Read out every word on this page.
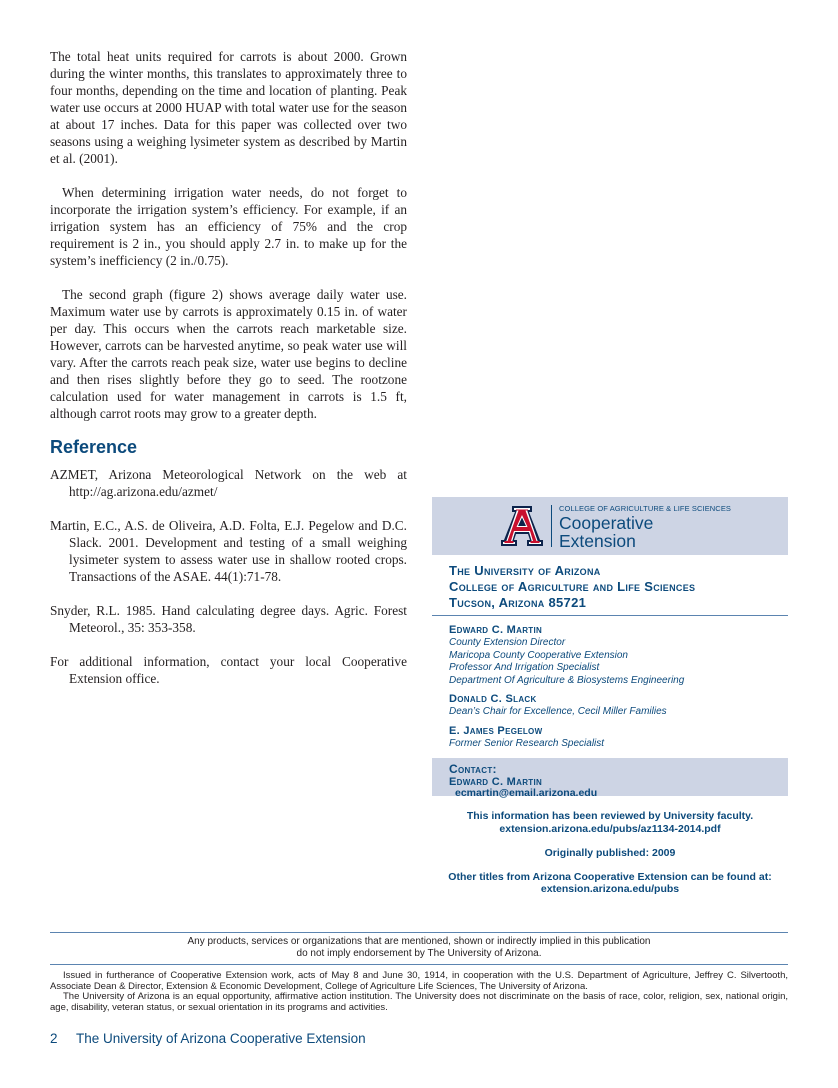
The total heat units required for carrots is about 2000. Grown during the winter months, this translates to approximately three to four months, depending on the time and location of planting. Peak water use occurs at 2000 HUAP with total water use for the season at about 17 inches. Data for this paper was collected over two seasons using a weighing lysimeter system as described by Martin et al. (2001).

When determining irrigation water needs, do not forget to incorporate the irrigation system’s efficiency. For example, if an irrigation system has an efficiency of 75% and the crop requirement is 2 in., you should apply 2.7 in. to make up for the system’s inefficiency (2 in./0.75).

The second graph (figure 2) shows average daily water use. Maximum water use by carrots is approximately 0.15 in. of water per day. This occurs when the carrots reach marketable size. However, carrots can be harvested anytime, so peak water use will vary. After the carrots reach peak size, water use begins to decline and then rises slightly before they go to seed. The rootzone calculation used for water management in carrots is 1.5 ft, although carrot roots may grow to a greater depth.

Reference

AZMET, Arizona Meteorological Network on the web at http://ag.arizona.edu/azmet/

Martin, E.C., A.S. de Oliveira, A.D. Folta, E.J. Pegelow and D.C. Slack. 2001. Development and testing of a small weighing lysimeter system to assess water use in shallow rooted crops. Transactions of the ASAE. 44(1):71-78.

Snyder, R.L. 1985. Hand calculating degree days. Agric. Forest Meteorol., 35: 353-358.

For additional information, contact your local Cooperative Extension office.

COLLEGE OF AGRICULTURE & LIFE SCIENCES
Cooperative
Extension
The University of Arizona
College of Agriculture and Life Sciences
Tucson, Arizona 85721
Edward C. Martin
County Extension Director
Maricopa County Cooperative Extension
Professor And Irrigation Specialist
Department Of Agriculture & Biosystems Engineering
Donald C. Slack
Dean’s Chair for Excellence, Cecil Miller Families
E. James Pegelow
Former Senior Research Specialist
Contact:
Edward C. Martin
ecmartin@email.arizona.edu
This information has been reviewed by University faculty.
extension.arizona.edu/pubs/az1134-2014.pdf
Originally published: 2009
Other titles from Arizona Cooperative Extension can be found at:
extension.arizona.edu/pubs
Any products, services or organizations that are mentioned, shown or indirectly implied in this publication
do not imply endorsement by The University of Arizona.

Issued in furtherance of Cooperative Extension work, acts of May 8 and June 30, 1914, in cooperation with the U.S. Department of Agriculture, Jeffrey C. Silvertooth, Associate Dean & Director, Extension & Economic Development, College of Agriculture Life Sciences, The University of Arizona.

The University of Arizona is an equal opportunity, affirmative action institution. The University does not discriminate on the basis of race, color, religion, sex, national origin, age, disability, veteran status, or sexual orientation in its programs and activities.

2 The University of Arizona Cooperative Extension
